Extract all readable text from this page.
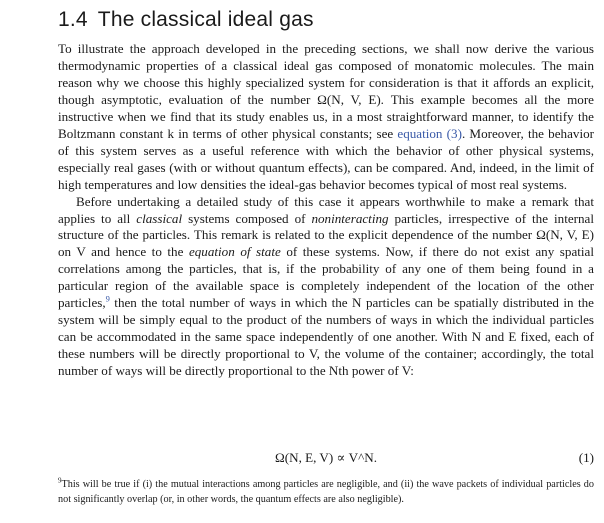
1.4 The classical ideal gas

To illustrate the approach developed in the preceding sections, we shall now derive the various thermodynamic properties of a classical ideal gas composed of monatomic molecules. The main reason why we choose this highly specialized system for consideration is that it affords an explicit, though asymptotic, evaluation of the number Ω(N, V, E). This example becomes all the more instructive when we find that its study enables us, in a most straightforward manner, to identify the Boltzmann constant k in terms of other physical constants; see equation (3). Moreover, the behavior of this system serves as a useful reference with which the behavior of other physical systems, especially real gases (with or without quantum effects), can be compared. And, indeed, in the limit of high temperatures and low densities the ideal-gas behavior becomes typical of most real systems.

Before undertaking a detailed study of this case it appears worthwhile to make a remark that applies to all classical systems composed of noninteracting particles, irrespective of the internal structure of the particles. This remark is related to the explicit dependence of the number Ω(N, V, E) on V and hence to the equation of state of these systems. Now, if there do not exist any spatial correlations among the particles, that is, if the probability of any one of them being found in a particular region of the available space is completely independent of the location of the other particles,$^9$ then the total number of ways in which the N particles can be spatially distributed in the system will be simply equal to the product of the numbers of ways in which the individual particles can be accommodated in the same space independently of one another. With N and E fixed, each of these numbers will be directly proportional to V, the volume of the container; accordingly, the total number of ways will be directly proportional to the Nth power of V:

Ω(N, E, V) ∝ V^N.	(1)

$^9$This will be true if (i) the mutual interactions among particles are negligible, and (ii) the wave packets of individual particles do not significantly overlap (or, in other words, the quantum effects are also negligible).
